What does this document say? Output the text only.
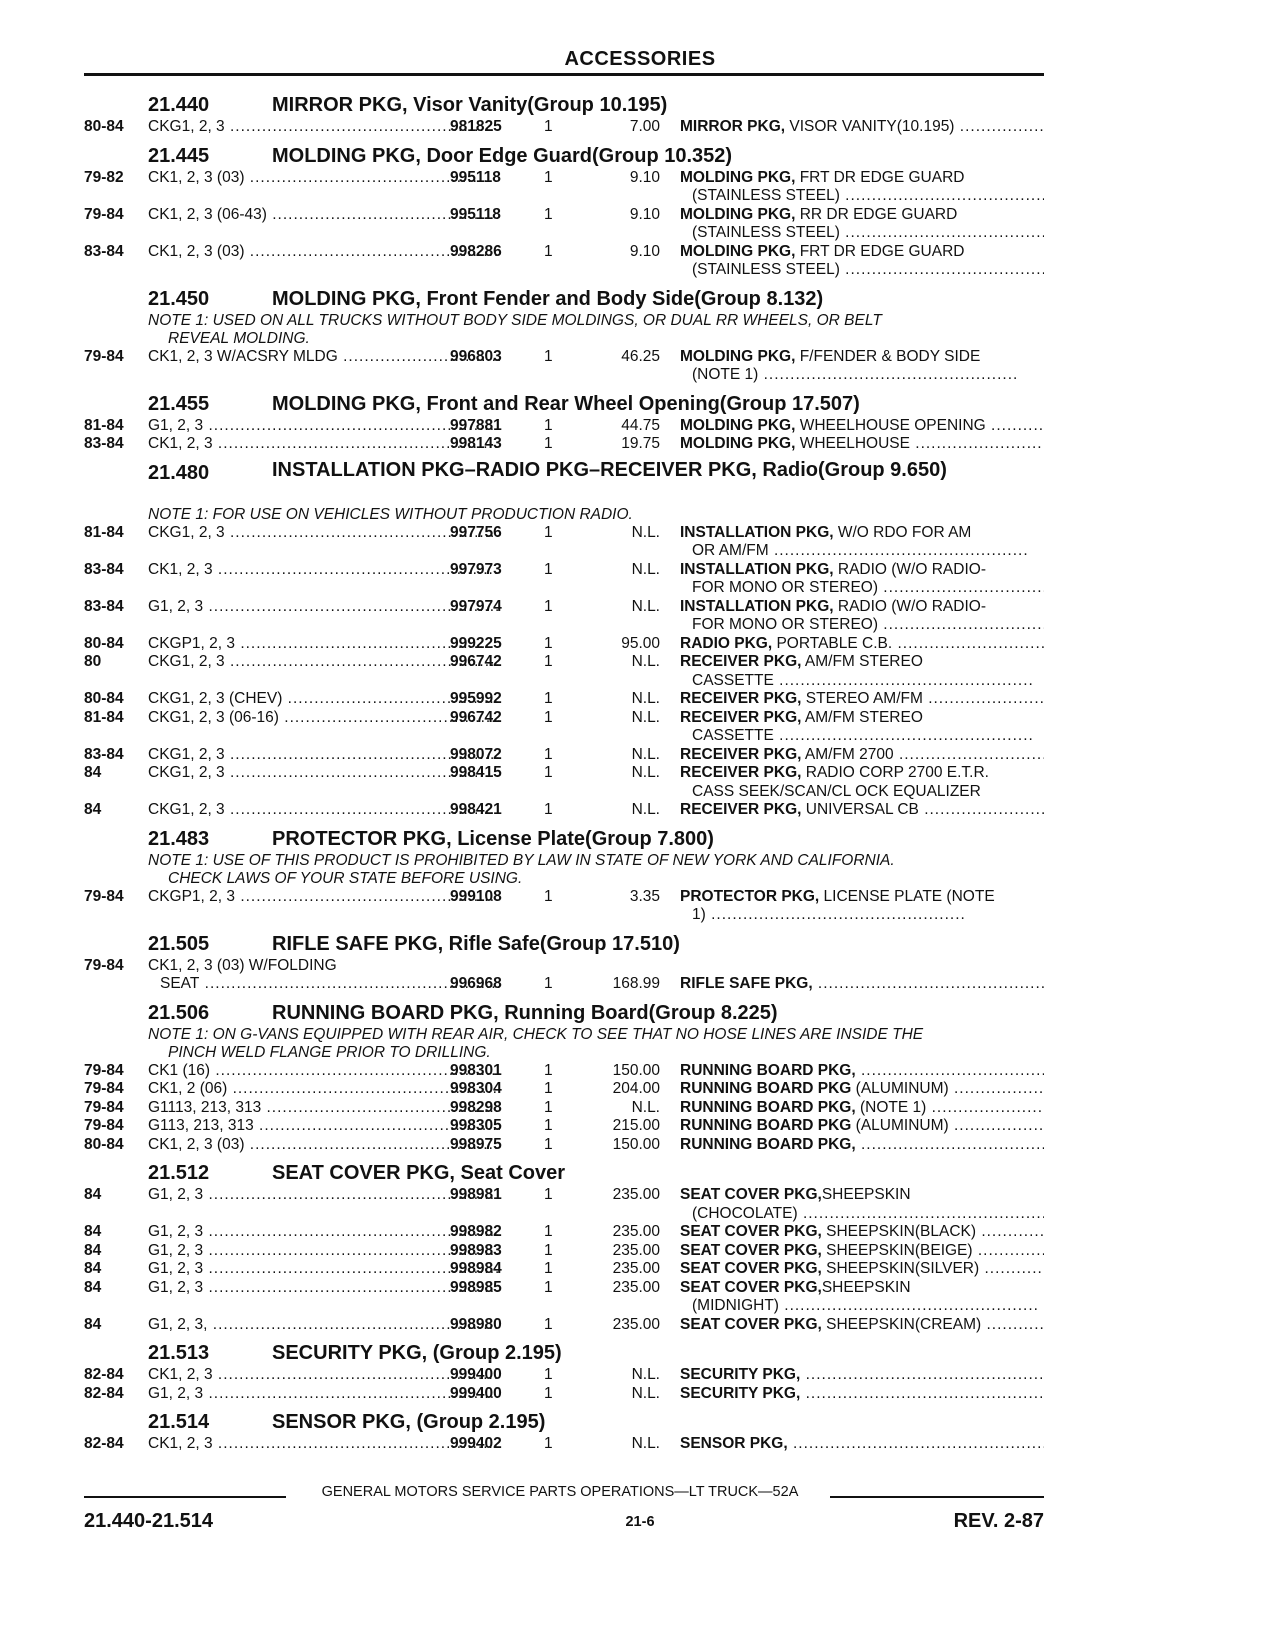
ACCESSORIES
21.440	MIRROR PKG, Visor Vanity(Group 10.195)
80-84	CKG1, 2, 3 .....	981825	1	7.00 MIRROR PKG, VISOR VANITY(10.195) .....
21.445	MOLDING PKG, Door Edge Guard(Group 10.352)
79-82	CK1, 2, 3 (03) .....	995118	1	9.10 MOLDING PKG, FRT DR EDGE GUARD
(STAINLESS STEEL) .....
79-84	CK1, 2, 3 (06-43) .....	995118	1	9.10 MOLDING PKG, RR DR EDGE GUARD
(STAINLESS STEEL) .....
83-84	CK1, 2, 3 (03) .....	998286	1	9.10 MOLDING PKG, FRT DR EDGE GUARD
(STAINLESS STEEL) .....
21.450	MOLDING PKG, Front Fender and Body Side(Group 8.132)
NOTE 1: USED ON ALL TRUCKS WITHOUT BODY SIDE MOLDINGS, OR DUAL RR WHEELS, OR BELT

REVEAL MOLDING.
79-84	CK1, 2, 3 W/ACSRY MLDG .....	996803	1	46.25 MOLDING PKG, F/FENDER & BODY SIDE
(NOTE 1) .....
21.455	MOLDING PKG, Front and Rear Wheel Opening(Group 17.507)
81-84	G1, 2, 3 .....	997881	1	44.75 MOLDING PKG, WHEELHOUSE OPENING .....
83-84	CK1, 2, 3 .....	998143	1	19.75 MOLDING PKG, WHEELHOUSE .....
21.480	INSTALLATION PKG–RADIO PKG–RECEIVER PKG, Radio(Group 9.650)
NOTE 1: FOR USE ON VEHICLES WITHOUT PRODUCTION RADIO.
81-84	CKG1, 2, 3 .....	997756	1	N.L. INSTALLATION PKG, W/O RDO FOR AM
OR AM/FM .....
83-84	CK1, 2, 3 .....	997973	1	N.L. INSTALLATION PKG, RADIO (W/O RADIO-
FOR MONO OR STEREO) .....
83-84	G1, 2, 3 .....	997974	1	N.L. INSTALLATION PKG, RADIO (W/O RADIO-
FOR MONO OR STEREO) .....
80-84	CKGP1, 2, 3 .....	999225	1	95.00 RADIO PKG, PORTABLE C.B. .....
80	CKG1, 2, 3 .....	996742	1	N.L. RECEIVER PKG, AM/FM STEREO
CASSETTE .....
80-84	CKG1, 2, 3 (CHEV) .....	995992	1	N.L. RECEIVER PKG, STEREO AM/FM .....
81-84	CKG1, 2, 3 (06-16) .....	996742	1	N.L. RECEIVER PKG, AM/FM STEREO
CASSETTE .....
83-84	CKG1, 2, 3 .....	998072	1	N.L. RECEIVER PKG, AM/FM 2700 .....
84	CKG1, 2, 3 .....	998415	1	N.L. RECEIVER PKG, RADIO CORP 2700 E.T.R.
CASS SEEK/SCAN/CL OCK EQUALIZER
84	CKG1, 2, 3 .....	998421	1	N.L. RECEIVER PKG, UNIVERSAL CB .....
21.483	PROTECTOR PKG, License Plate(Group 7.800)
NOTE 1: USE OF THIS PRODUCT IS PROHIBITED BY LAW IN STATE OF NEW YORK AND CALIFORNIA.

CHECK LAWS OF YOUR STATE BEFORE USING.
79-84	CKGP1, 2, 3 .....	999108	1	3.35 PROTECTOR PKG, LICENSE PLATE (NOTE
1) .....
21.505	RIFLE SAFE PKG, Rifle Safe(Group 17.510)
79-84	CK1, 2, 3 (03) W/FOLDING
SEAT .....	996968	1	168.99 RIFLE SAFE PKG, .....
21.506	RUNNING BOARD PKG, Running Board(Group 8.225)
NOTE 1: ON G-VANS EQUIPPED WITH REAR AIR, CHECK TO SEE THAT NO HOSE LINES ARE INSIDE THE

PINCH WELD FLANGE PRIOR TO DRILLING.
79-84	CK1 (16) .....	998301	1	150.00 RUNNING BOARD PKG, .....
79-84	CK1, 2 (06) .....	998304	1	204.00 RUNNING BOARD PKG (ALUMINUM) .....
79-84	G1113, 213, 313 .....	998298	1	N.L. RUNNING BOARD PKG, (NOTE 1) .....
79-84	G113, 213, 313 .....	998305	1	215.00 RUNNING BOARD PKG (ALUMINUM) .....
80-84	CK1, 2, 3 (03) .....	998975	1	150.00 RUNNING BOARD PKG, .....
21.512	SEAT COVER PKG, Seat Cover
84	G1, 2, 3 .....	998981	1	235.00 SEAT COVER PKG,SHEEPSKIN
(CHOCOLATE) .....
84	G1, 2, 3 .....	998982	1	235.00 SEAT COVER PKG, SHEEPSKIN(BLACK) .....
84	G1, 2, 3 .....	998983	1	235.00 SEAT COVER PKG, SHEEPSKIN(BEIGE) .....
84	G1, 2, 3 .....	998984	1	235.00 SEAT COVER PKG, SHEEPSKIN(SILVER) .....
84	G1, 2, 3 .....	998985	1	235.00 SEAT COVER PKG,SHEEPSKIN
(MIDNIGHT) .....
84	G1, 2, 3, .....	998980	1	235.00 SEAT COVER PKG, SHEEPSKIN(CREAM) .....
21.513	SECURITY PKG, (Group 2.195)
82-84	CK1, 2, 3 .....	999400	1	N.L. SECURITY PKG, .....
82-84	G1, 2, 3 .....	999400	1	N.L. SECURITY PKG, .....
21.514	SENSOR PKG, (Group 2.195)
82-84	CK1, 2, 3 .....	999402	1	N.L. SENSOR PKG, .....
GENERAL MOTORS SERVICE PARTS OPERATIONS—LT TRUCK—52A
21.440-21.514	21-6	REV. 2-87
